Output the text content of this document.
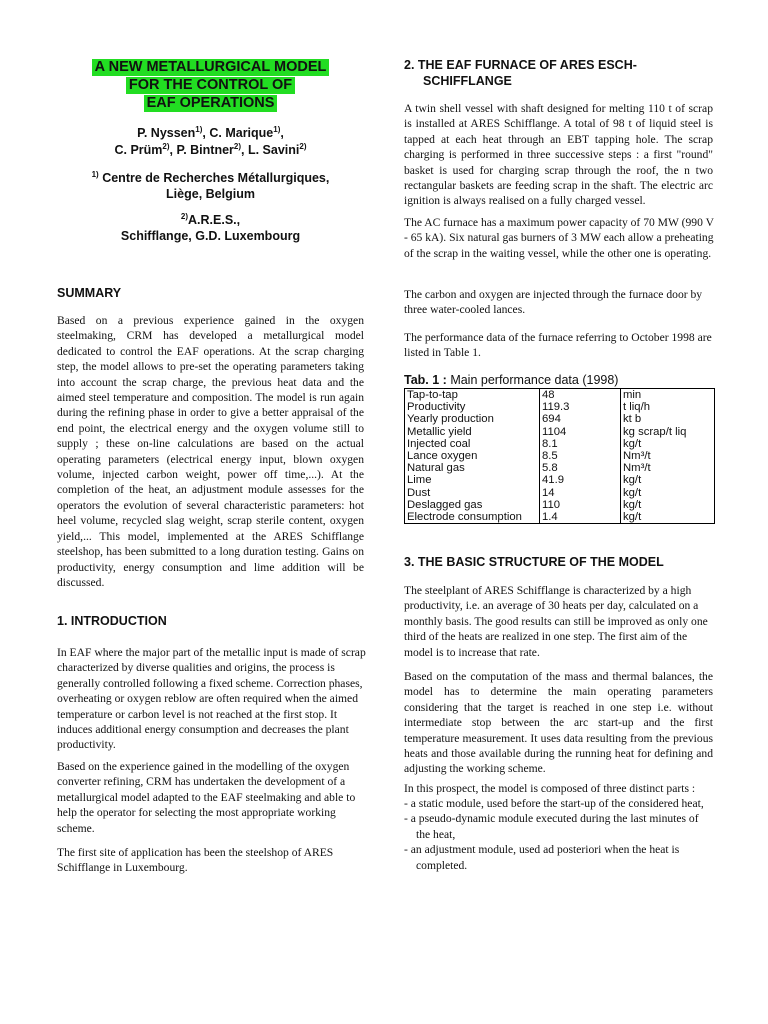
A NEW METALLURGICAL MODEL
FOR THE CONTROL OF
EAF OPERATIONS
P. Nyssen$^{1)}$, C. Marique$^{1)}$,
C. Prüm$^{2)}$, P. Bintner$^{2)}$, L. Savini$^{2)}$
$^{1)}$ Centre de Recherches Métallurgiques,
Liège, Belgium
$^{2)}$A.R.E.S.,
Schifflange, G.D. Luxembourg
SUMMARY

Based on a previous experience gained in the oxygen steelmaking, CRM has developed a metallurgical model dedicated to control the EAF operations. At the scrap charging step, the model allows to pre-set the operating parameters taking into account the scrap charge, the previous heat data and the aimed steel temperature and composition. The model is run again during the refining phase in order to give a better appraisal of the end point, the electrical energy and the oxygen volume still to supply ; these on-line calculations are based on the actual operating parameters (electrical energy input, blown oxygen volume, injected carbon weight, power off time,...). At the completion of the heat, an adjustment module assesses for the operators the evolution of several characteristic parameters: hot heel volume, recycled slag weight, scrap sterile content, oxygen yield,... This model, implemented at the ARES Schifflange steelshop, has been submitted to a long duration testing. Gains on productivity, energy consumption and lime addition will be discussed.

1. INTRODUCTION

In EAF where the major part of the metallic input is made of scrap characterized by diverse qualities and origins, the process is generally controlled following a fixed scheme. Correction phases, overheating or oxygen reblow are often required when the aimed temperature or carbon level is not reached at the first stop. It induces additional energy consumption and decreases the plant productivity.

Based on the experience gained in the modelling of the oxygen converter refining, CRM has undertaken the development of a metallurgical model adapted to the EAF steelmaking and able to help the operator for selecting the most appropriate working scheme.

The first site of application has been the steelshop of ARES Schifflange in Luxembourg.

2. THE EAF FURNACE OF ARES ESCH-
SCHIFFLANGE

A twin shell vessel with shaft designed for melting 110 t of scrap is installed at ARES Schifflange. A total of 98 t of liquid steel is tapped at each heat through an EBT tapping hole. The scrap charging is performed in three successive steps : a first "round" basket is used for charging scrap through the roof, the n two rectangular baskets are feeding scrap in the shaft. The electric arc ignition is always realised on a fully charged vessel.

The AC furnace has a maximum power capacity of 70 MW (990 V - 65 kA). Six natural gas burners of 3 MW each allow a preheating of the scrap in the waiting vessel, while the other one is operating.

The carbon and oxygen are injected through the furnace door by three water-cooled lances.

The performance data of the furnace referring to October 1998 are listed in Table 1.

Tab. 1 : Main performance data (1998)
Tap-to-tap	48	min
Productivity	119.3	t liq/h
Yearly production	694	kt b
Metallic yield	1104	kg scrap/t liq
Injected coal	8.1	kg/t
Lance oxygen	8.5	Nm³/t
Natural gas	5.8	Nm³/t
Lime	41.9	kg/t
Dust	14	kg/t
Deslagged gas	110	kg/t
Electrode consumption	1.4	kg/t
3. THE BASIC STRUCTURE OF THE MODEL

The steelplant of ARES Schifflange is characterized by a high productivity, i.e. an average of 30 heats per day, calculated on a monthly basis. The good results can still be improved as only one third of the heats are realized in one step. The first aim of the model is to increase that rate.

Based on the computation of the mass and thermal balances, the model has to determine the main operating parameters considering that the target is reached in one step i.e. without intermediate stop between the arc start-up and the first temperature measurement. It uses data resulting from the previous heats and those available during the running heat for defining and adjusting the working scheme.

In this prospect, the model is composed of three distinct parts :

- a static module, used before the start-up of the considered heat,
- a pseudo-dynamic module executed during the last minutes of the heat,
- an adjustment module, used ad posteriori when the heat is completed.
